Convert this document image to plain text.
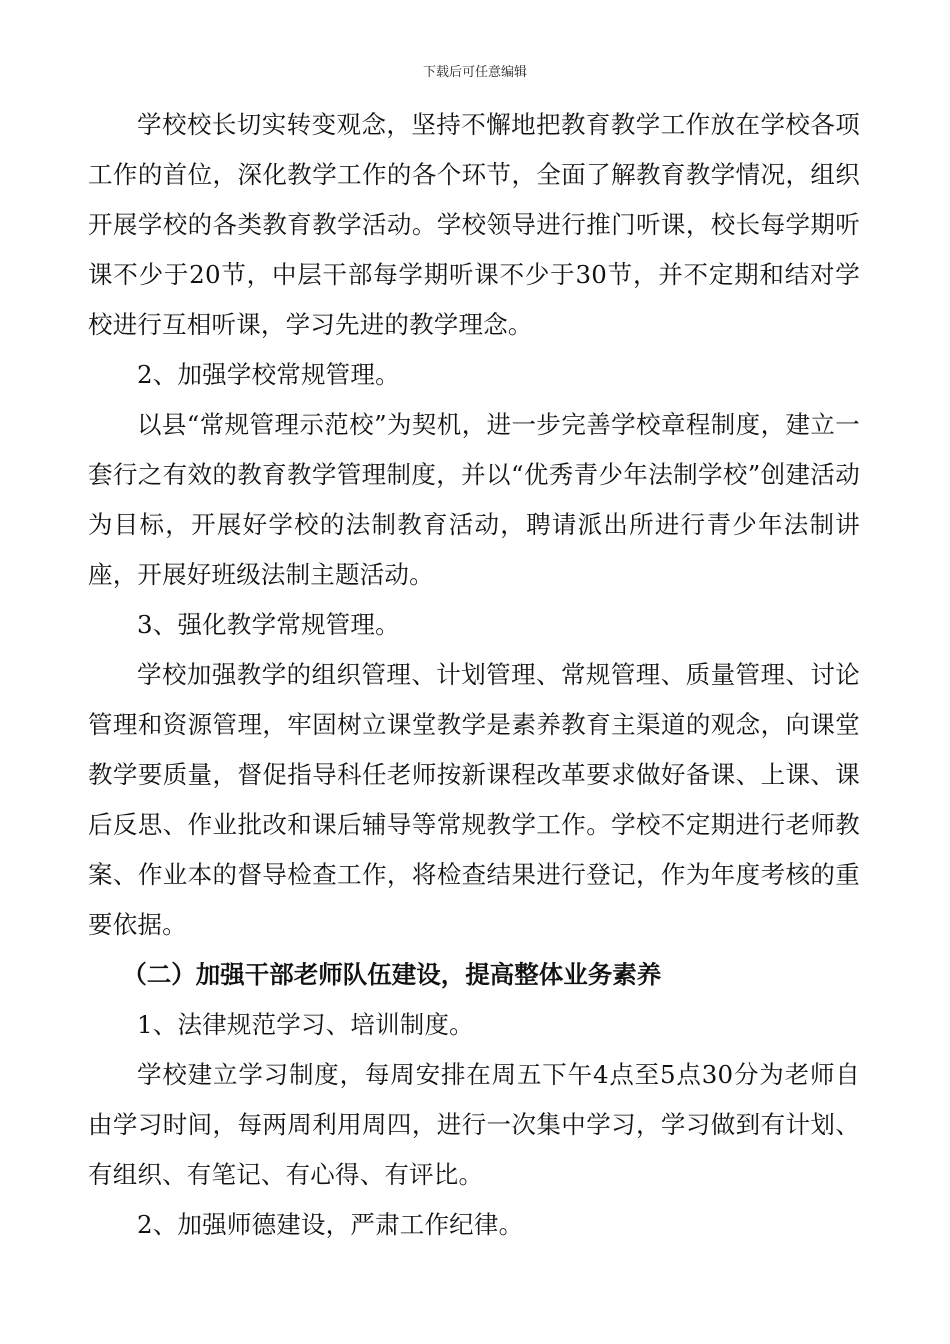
下载后可任意编辑

学校校长切实转变观念，坚持不懈地把教育教学工作放在学校各项工作的首位，深化教学工作的各个环节，全面了解教育教学情况，组织开展学校的各类教育教学活动。学校领导进行推门听课，校长每学期听课不少于20节，中层干部每学期听课不少于30节，并不定期和结对学校进行互相听课，学习先进的教学理念。

2、加强学校常规管理。

以县“常规管理示范校”为契机，进一步完善学校章程制度，建立一套行之有效的教育教学管理制度，并以“优秀青少年法制学校”创建活动为目标，开展好学校的法制教育活动，聘请派出所进行青少年法制讲座，开展好班级法制主题活动。

3、强化教学常规管理。

学校加强教学的组织管理、计划管理、常规管理、质量管理、讨论管理和资源管理，牢固树立课堂教学是素养教育主渠道的观念，向课堂教学要质量，督促指导科任老师按新课程改革要求做好备课、上课、课后反思、作业批改和课后辅导等常规教学工作。学校不定期进行老师教案、作业本的督导检查工作，将检查结果进行登记，作为年度考核的重要依据。

（二）加强干部老师队伍建设，提高整体业务素养

1、法律规范学习、培训制度。

学校建立学习制度，每周安排在周五下午4点至5点30分为老师自由学习时间，每两周利用周四，进行一次集中学习，学习做到有计划、有组织、有笔记、有心得、有评比。

2、加强师德建设，严肃工作纪律。
